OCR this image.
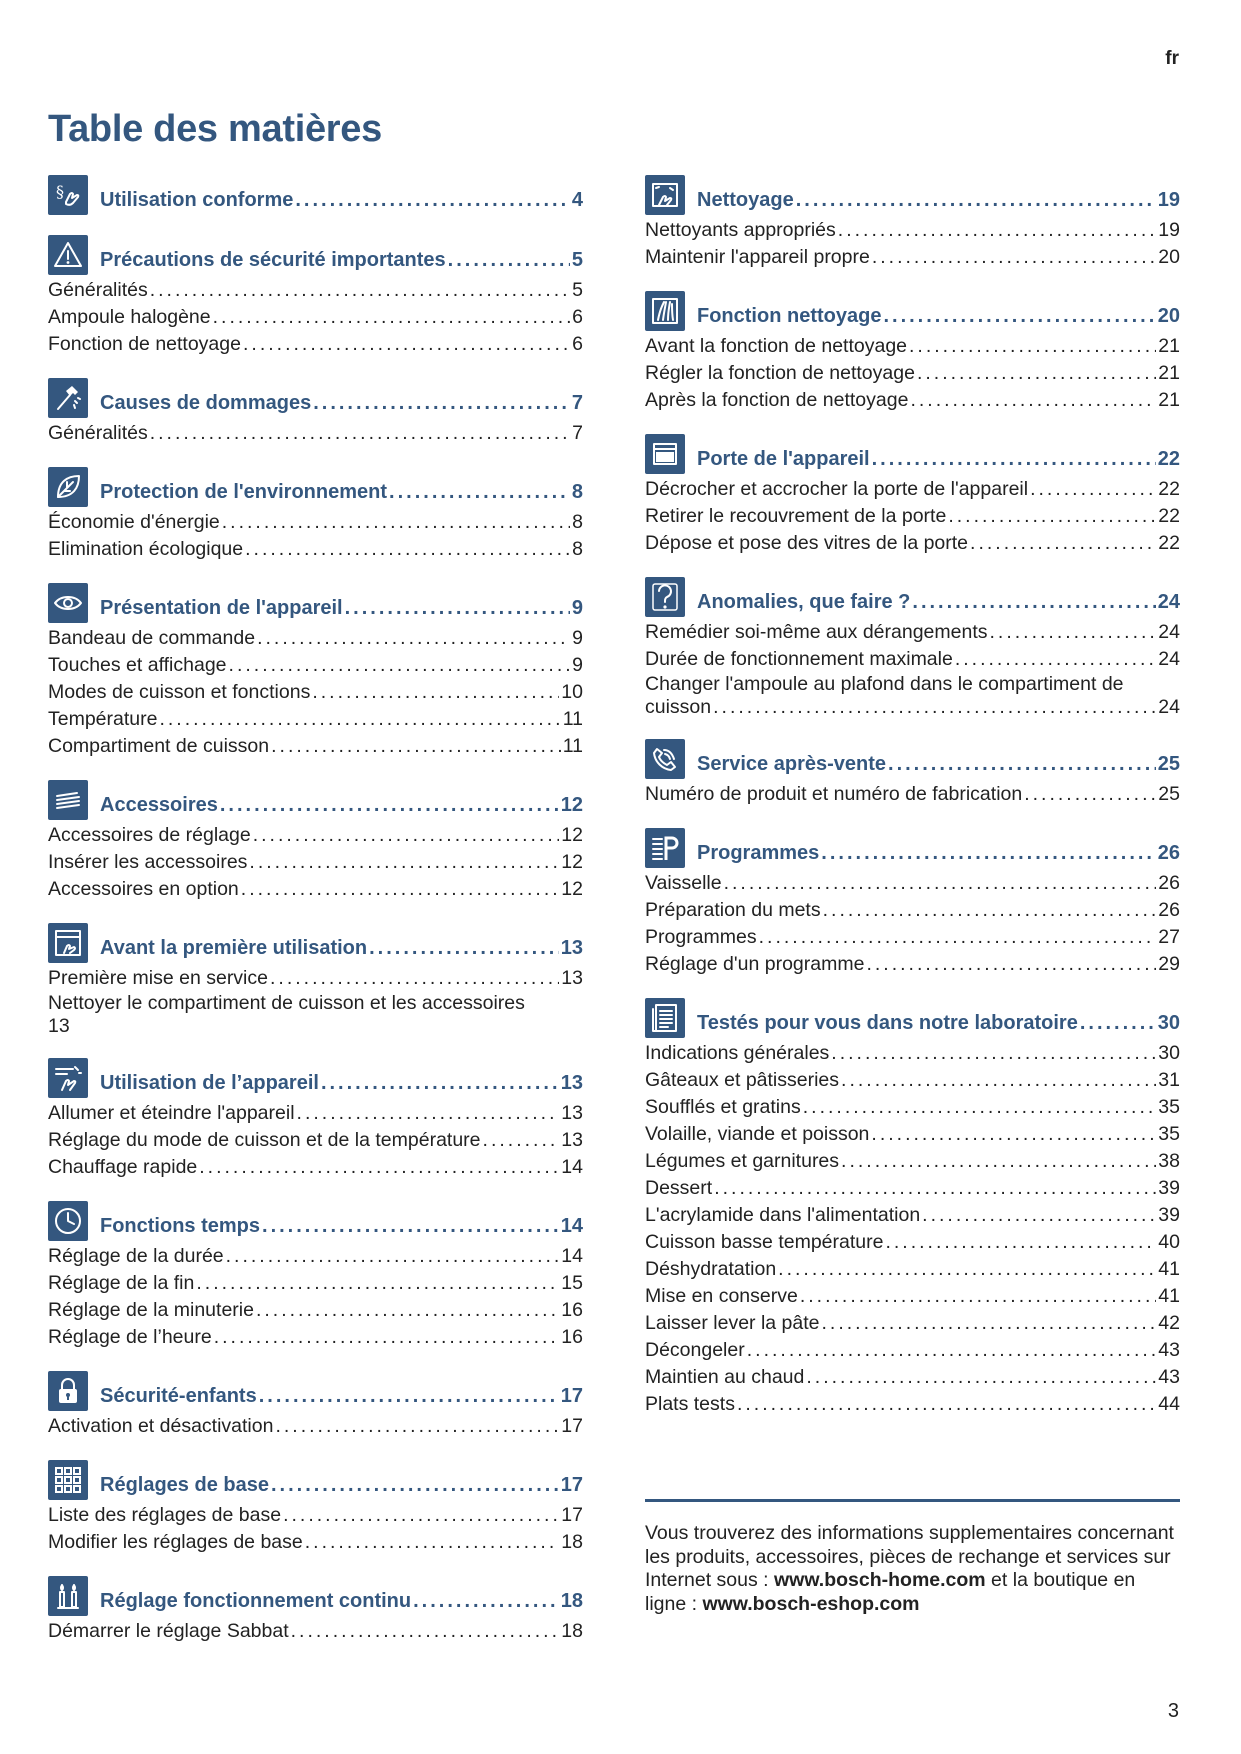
fr
Table des matières
§ Utilisation conforme .....	4
Précautions de sécurité importantes .....	5
Généralités .....	5
Ampoule halogène .....	6
Fonction de nettoyage .....	6
Causes de dommages .....	7
Généralités .....	7
Protection de l'environnement .....	8
Économie d'énergie .....	8
Elimination écologique .....	8
Présentation de l'appareil .....	9
Bandeau de commande .....	9
Touches et affichage .....	9
Modes de cuisson et fonctions .....	10
Température .....	11
Compartiment de cuisson .....	11
Accessoires .....	12
Accessoires de réglage .....	12
Insérer les accessoires .....	12
Accessoires en option .....	12
Avant la première utilisation .....	13
Première mise en service .....	13
Nettoyer le compartiment de cuisson et les accessoires
13
Utilisation de l’appareil .....	13
Allumer et éteindre l'appareil .....	13
Réglage du mode de cuisson et de la température .....	13
Chauffage rapide .....	14
Fonctions temps .....	14
Réglage de la durée .....	14
Réglage de la fin .....	15
Réglage de la minuterie .....	16
Réglage de l’heure .....	16
Sécurité-enfants .....	17
Activation et désactivation .....	17
Réglages de base .....	17
Liste des réglages de base .....	17
Modifier les réglages de base .....	18
Réglage fonctionnement continu .....	18
Démarrer le réglage Sabbat .....	18
Nettoyage .....	19
Nettoyants appropriés .....	19
Maintenir l'appareil propre .....	20
Fonction nettoyage .....	20
Avant la fonction de nettoyage .....	21
Régler la fonction de nettoyage .....	21
Après la fonction de nettoyage .....	21
Porte de l'appareil .....	22
Décrocher et accrocher la porte de l'appareil .....	22
Retirer le recouvrement de la porte .....	22
Dépose et pose des vitres de la porte .....	22
Anomalies, que faire ? .....	24
Remédier soi-même aux dérangements .....	24
Durée de fonctionnement maximale .....	24
Changer l'ampoule au plafond dans le compartiment de
cuisson .....	24
Service après-vente .....	25
Numéro de produit et numéro de fabrication .....	25
Programmes .....	26
Vaisselle .....	26
Préparation du mets .....	26
Programmes .....	27
Réglage d'un programme .....	29
Testés pour vous dans notre laboratoire .....	30
Indications générales .....	30
Gâteaux et pâtisseries .....	31
Soufflés et gratins .....	35
Volaille, viande et poisson .....	35
Légumes et garnitures .....	38
Dessert .....	39
L'acrylamide dans l'alimentation .....	39
Cuisson basse température .....	40
Déshydratation .....	41
Mise en conserve .....	41
Laisser lever la pâte .....	42
Décongeler .....	43
Maintien au chaud .....	43
Plats tests .....	44

Vous trouverez des informations supplementaires concernant les produits, accessoires, pièces de rechange et services sur Internet sous : www.bosch-home.com et la boutique en ligne : www.bosch-eshop.com

3
